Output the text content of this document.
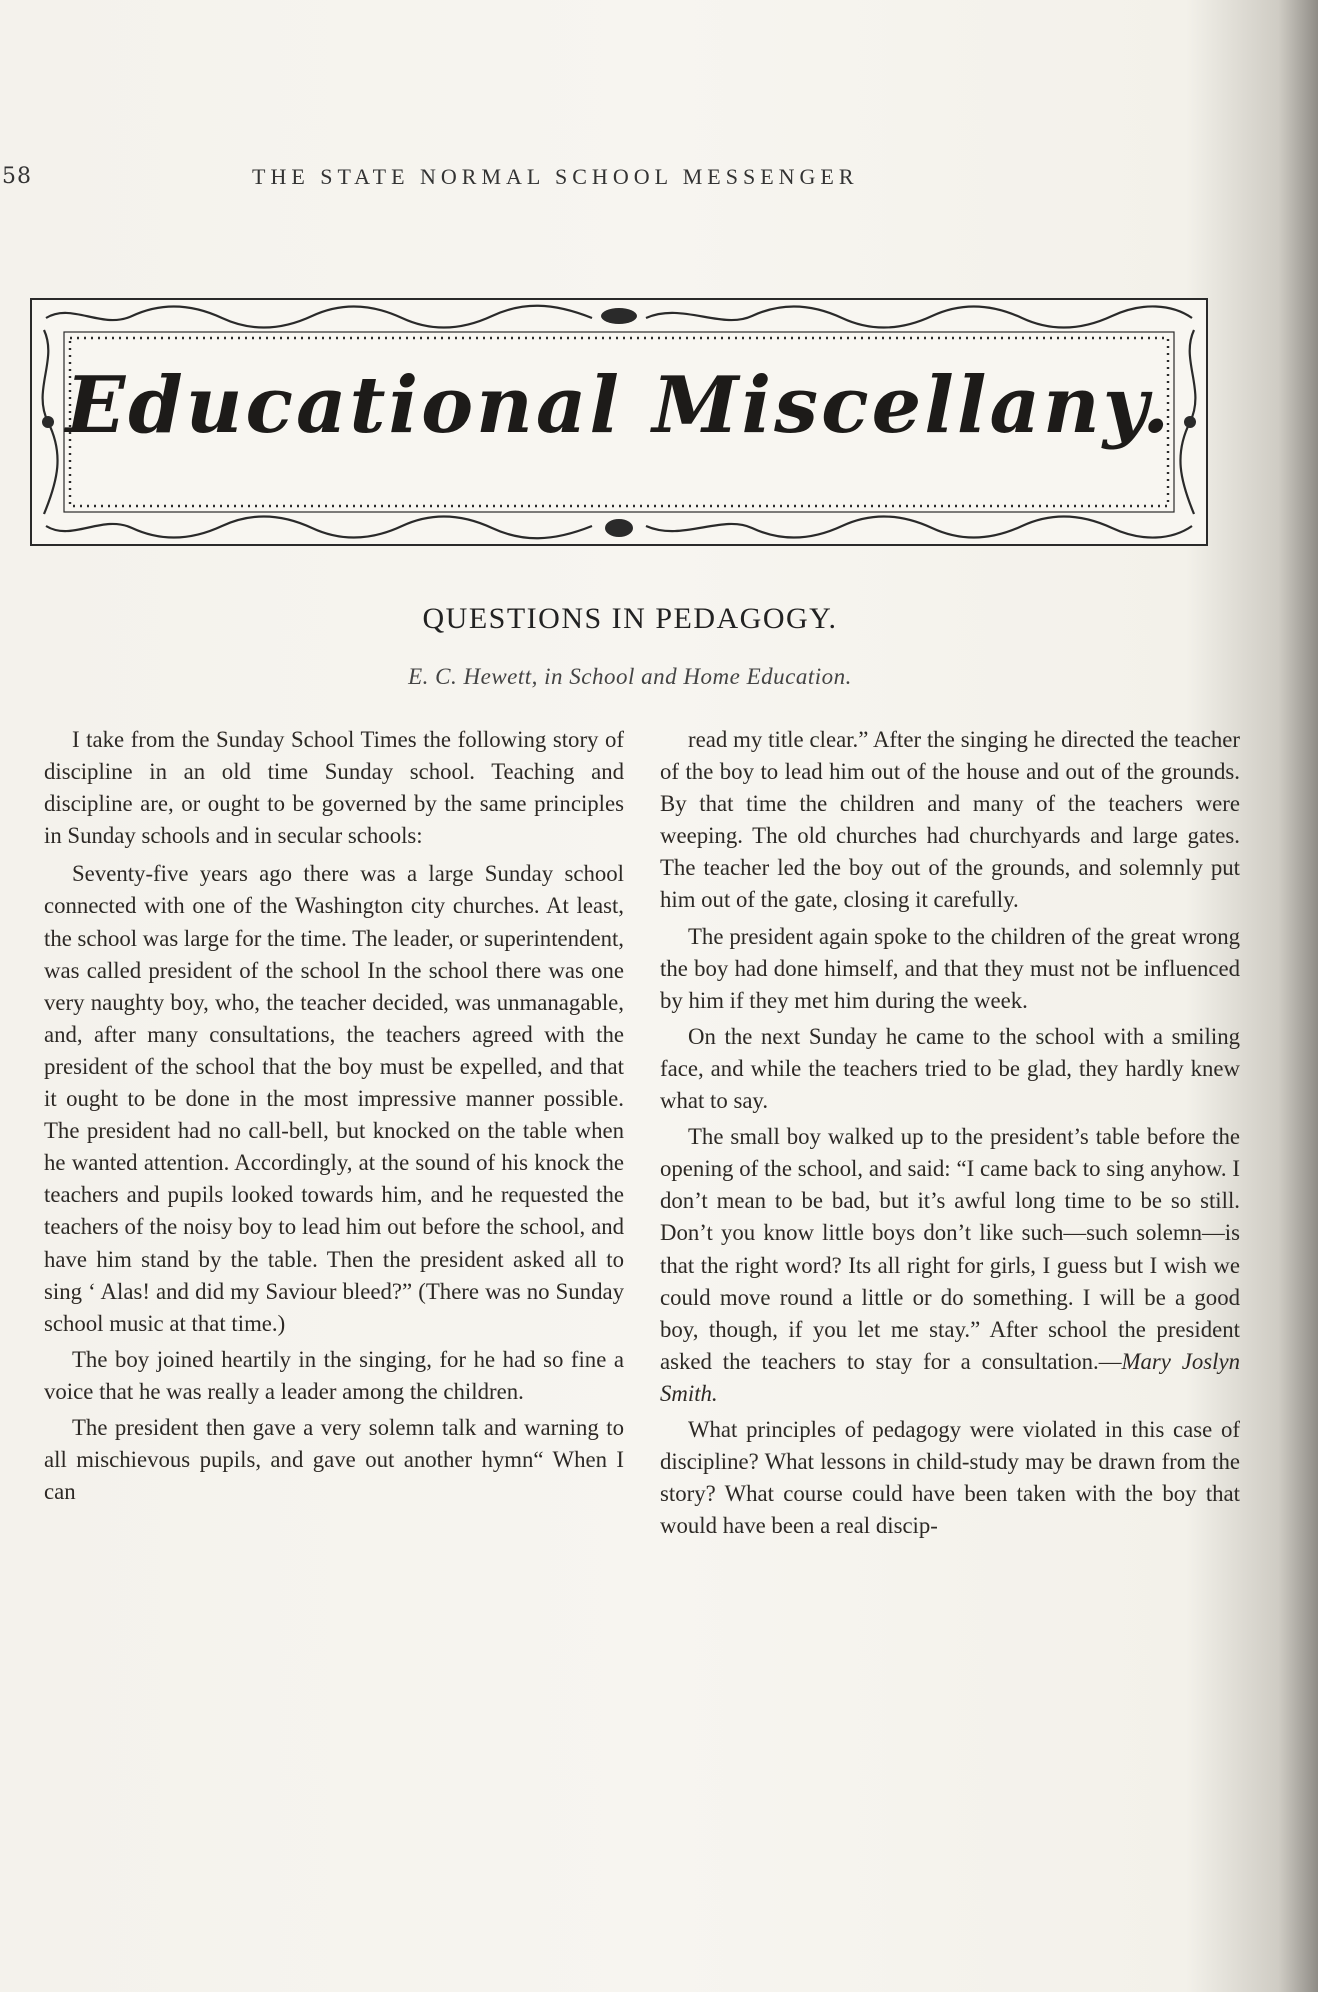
58	THE STATE NORMAL SCHOOL MESSENGER
Educational Miscellany.
QUESTIONS IN PEDAGOGY.
E. C. Hewett, in School and Home Education.

I take from the Sunday School Times the following story of discipline in an old time Sunday school. Teaching and discipline are, or ought to be governed by the same principles in Sunday schools and in secular schools:

Seventy-five years ago there was a large Sunday school connected with one of the Washington city churches. At least, the school was large for the time. The leader, or superintendent, was called president of the school In the school there was one very naughty boy, who, the teacher decided, was unmanagable, and, after many consultations, the teachers agreed with the president of the school that the boy must be expelled, and that it ought to be done in the most impressive manner possible. The president had no call-bell, but knocked on the table when he wanted attention. Accordingly, at the sound of his knock the teachers and pupils looked towards him, and he requested the teachers of the noisy boy to lead him out before the school, and have him stand by the table. Then the president asked all to sing ‘ Alas! and did my Saviour bleed?” (There was no Sunday school music at that time.)

The boy joined heartily in the singing, for he had so fine a voice that he was really a leader among the children.

The president then gave a very solemn talk and warning to all mischievous pupils, and gave out another hymn“ When I can

read my title clear.” After the singing he directed the teacher of the boy to lead him out of the house and out of the grounds. By that time the children and many of the teachers were weeping. The old churches had churchyards and large gates. The teacher led the boy out of the grounds, and solemnly put him out of the gate, closing it carefully.

The president again spoke to the children of the great wrong the boy had done himself, and that they must not be influenced by him if they met him during the week.

On the next Sunday he came to the school with a smiling face, and while the teachers tried to be glad, they hardly knew what to say.

The small boy walked up to the president’s table before the opening of the school, and said: “I came back to sing anyhow. I don’t mean to be bad, but it’s awful long time to be so still. Don’t you know little boys don’t like such—such solemn—is that the right word? Its all right for girls, I guess but I wish we could move round a little or do something. I will be a good boy, though, if you let me stay.” After school the president asked the teachers to stay for a consultation.—Mary Joslyn Smith.

What principles of pedagogy were violated in this case of discipline? What lessons in child-study may be drawn from the story? What course could have been taken with the boy that would have been a real discip-
